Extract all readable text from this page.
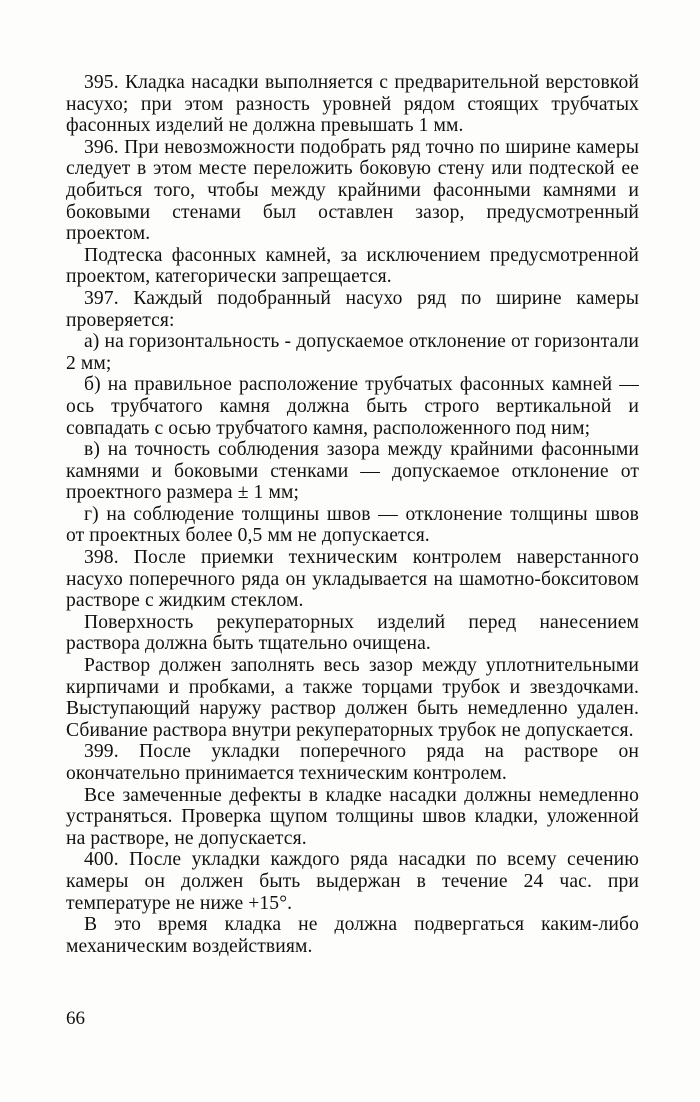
395. Кладка насадки выполняется с предварительной верстовкой насухо; при этом разность уровней рядом стоящих трубчатых фасонных изделий не должна превышать 1 мм.

396. При невозможности подобрать ряд точно по ширине камеры следует в этом месте переложить боковую стену или подтеской ее добиться того, чтобы между крайними фасонными камнями и боковыми стенами был оставлен зазор, предусмотренный проектом.

Подтеска фасонных камней, за исключением предусмотренной проектом, категорически запрещается.

397. Каждый подобранный насухо ряд по ширине камеры проверяется:

а) на горизонтальность - допускаемое отклонение от горизонтали 2 мм;

б) на правильное расположение трубчатых фасонных камней — ось трубчатого камня должна быть строго вертикальной и совпадать с осью трубчатого камня, расположенного под ним;

в) на точность соблюдения зазора между крайними фасонными камнями и боковыми стенками — допускаемое отклонение от проектного размера ± 1 мм;

г) на соблюдение толщины швов — отклонение толщины швов от проектных более 0,5 мм не допускается.

398. После приемки техническим контролем наверстанного насухо поперечного ряда он укладывается на шамотно-бокситовом растворе с жидким стеклом.

Поверхность рекуператорных изделий перед нанесением раствора должна быть тщательно очищена.

Раствор должен заполнять весь зазор между уплотнительными кирпичами и пробками, а также торцами трубок и звездочками. Выступающий наружу раствор должен быть немедленно удален. Сбивание раствора внутри рекуператорных трубок не допускается.

399. После укладки поперечного ряда на растворе он окончательно принимается техническим контролем.

Все замеченные дефекты в кладке насадки должны немедленно устраняться. Проверка щупом толщины швов кладки, уложенной на растворе, не допускается.

400. После укладки каждого ряда насадки по всему сечению камеры он должен быть выдержан в течение 24 час. при температуре не ниже +15°.

В это время кладка не должна подвергаться каким-либо механическим воздействиям.

66
